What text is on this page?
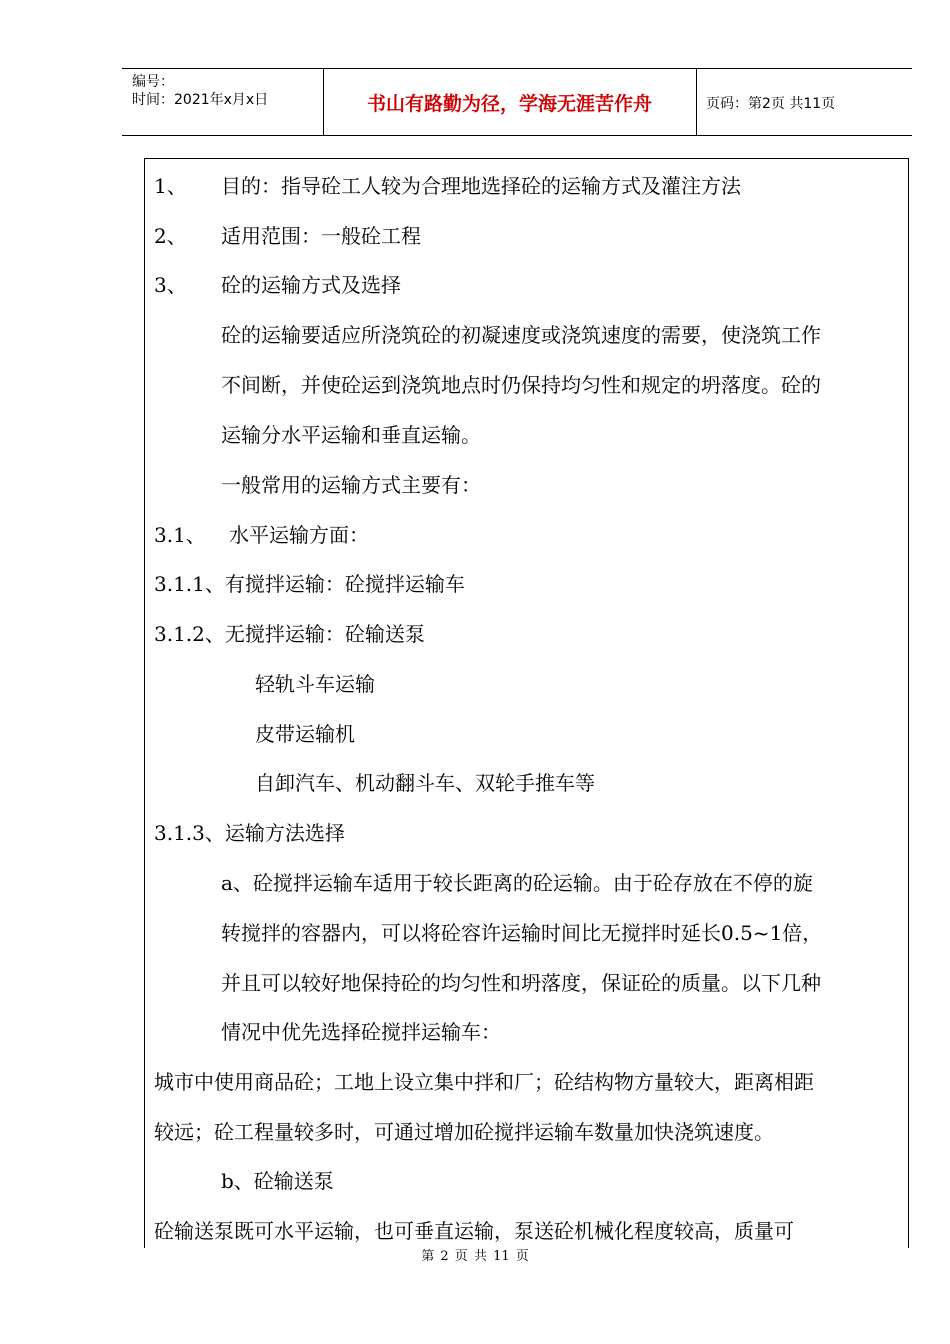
编号：
时间：2021年x月x日	书山有路勤为径，学海无涯苦作舟	页码：第2页 共11页
1、 目的：指导砼工人较为合理地选择砼的运输方式及灌注方法
2、 适用范围：一般砼工程
3、 砼的运输方式及选择
砼的运输要适应所浇筑砼的初凝速度或浇筑速度的需要，使浇筑工作
不间断，并使砼运到浇筑地点时仍保持均匀性和规定的坍落度。砼的
运输分水平运输和垂直运输。
一般常用的运输方式主要有：
3.1、 水平运输方面：
3.1.1、有搅拌运输：砼搅拌运输车
3.1.2、无搅拌运输：砼输送泵
轻轨斗车运输
皮带运输机
自卸汽车、机动翻斗车、双轮手推车等
3.1.3、运输方法选择
a、砼搅拌运输车适用于较长距离的砼运输。由于砼存放在不停的旋
转搅拌的容器内，可以将砼容许运输时间比无搅拌时延长0.5~1倍，
并且可以较好地保持砼的均匀性和坍落度，保证砼的质量。以下几种
情况中优先选择砼搅拌运输车：
城市中使用商品砼；工地上设立集中拌和厂；砼结构物方量较大，距离相距
较远；砼工程量较多时，可通过增加砼搅拌运输车数量加快浇筑速度。
b、砼输送泵
砼输送泵既可水平运输，也可垂直运输，泵送砼机械化程度较高，质量可
第 2 页 共 11 页
